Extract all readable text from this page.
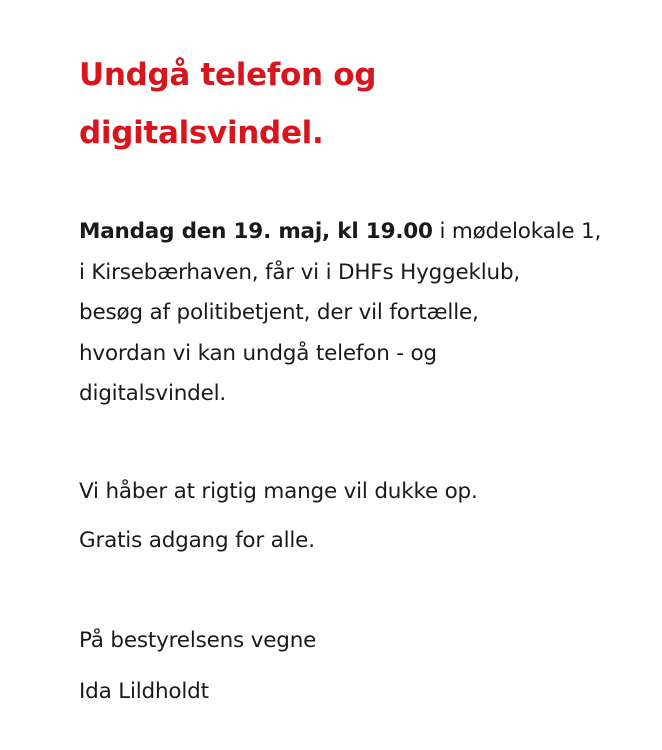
Undgå telefon og
digitalsvindel.

Mandag den 19. maj, kl 19.00 i mødelokale 1,
i Kirsebærhaven, får vi i DHFs Hyggeklub,
besøg af politibetjent, der vil fortælle,
hvordan vi kan undgå telefon - og
digitalsvindel.

Vi håber at rigtig mange vil dukke op.

Gratis adgang for alle.

På bestyrelsens vegne

Ida Lildholdt
